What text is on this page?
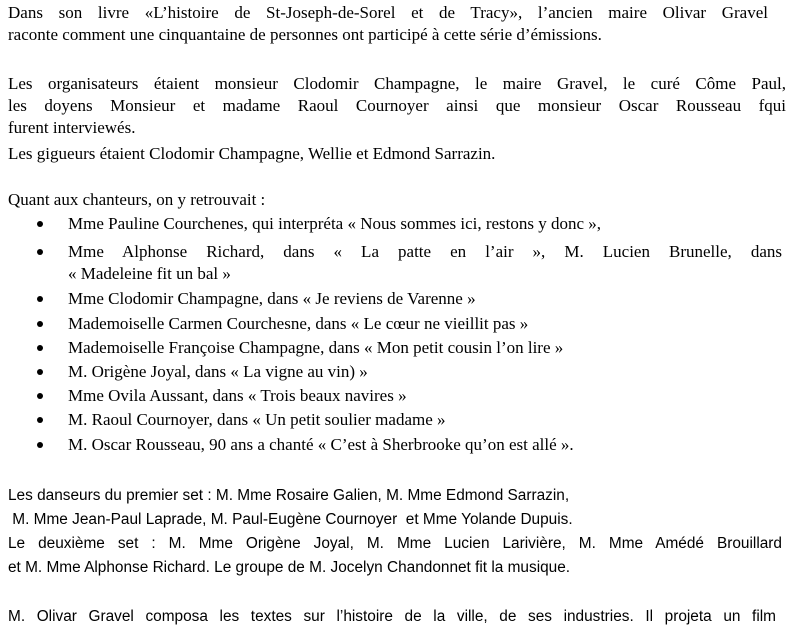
Dans son livre «L’histoire de St-Joseph-de-Sorel et de Tracy», l’ancien maire Olivar Gravel
raconte comment une cinquantaine de personnes ont participé à cette série d’émissions.
Les organisateurs étaient monsieur Clodomir Champagne, le maire Gravel, le curé Côme Paul,
les doyens Monsieur et madame Raoul Cournoyer ainsi que monsieur Oscar Rousseau fqui
furent interviewés.
Les gigueurs étaient Clodomir Champagne, Wellie et Edmond Sarrazin.
Quant aux chanteurs, on y retrouvait :
Mme Pauline Courchenes, qui interpréta « Nous sommes ici, restons y donc »,
Mme Alphonse Richard, dans « La patte en l’air », M. Lucien Brunelle, dans
« Madeleine fit un bal »
Mme Clodomir Champagne, dans « Je reviens de Varenne »
Mademoiselle Carmen Courchesne, dans « Le cœur ne vieillit pas »
Mademoiselle Françoise Champagne, dans « Mon petit cousin l’on lire »
M. Origène Joyal, dans « La vigne au vin) »
Mme Ovila Aussant, dans « Trois beaux navires »
M. Raoul Cournoyer, dans « Un petit soulier madame »
M. Oscar Rousseau, 90 ans a chanté « C’est à Sherbrooke qu’on est allé ».
Les danseurs du premier set : M. Mme Rosaire Galien, M. Mme Edmond Sarrazin,
M. Mme Jean-Paul Laprade, M. Paul-Eugène Cournoyer  et Mme Yolande Dupuis.
Le deuxième set : M. Mme Origène Joyal, M. Mme Lucien Larivière, M. Mme Amédé Brouillard
et M. Mme Alphonse Richard. Le groupe de M. Jocelyn Chandonnet fit la musique.
M. Olivar Gravel composa les textes sur l’histoire de la ville, de ses industries. Il projeta un film
